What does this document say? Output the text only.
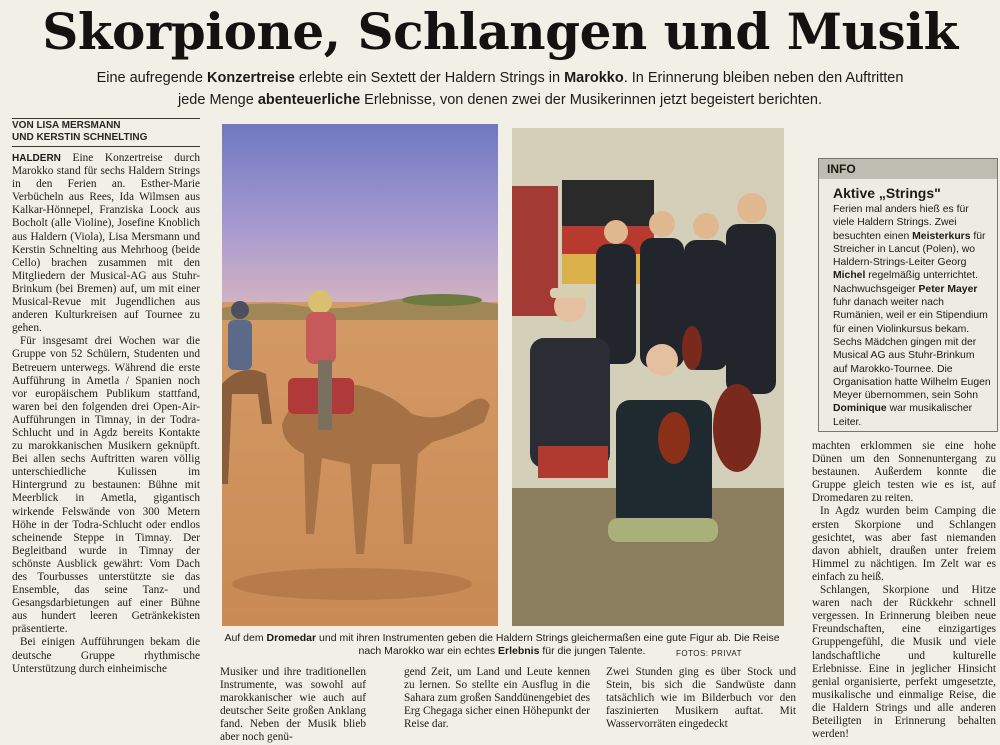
Skorpione, Schlangen und Musik
Eine aufregende Konzertreise erlebte ein Sextett der Haldern Strings in Marokko. In Erinnerung bleiben neben den Auftritten
jede Menge abenteuerliche Erlebnisse, von denen zwei der Musikerinnen jetzt begeistert berichten.
VON LISA MERSMANN
UND KERSTIN SCHNELTING

HALDERN Eine Konzertreise durch Marokko stand für sechs Haldern Strings in den Ferien an. Esther-Marie Verbücheln aus Rees, Ida Wilmsen aus Kalkar-Hönnepel, Franziska Loock aus Bocholt (alle Violine), Josefine Knoblich aus Haldern (Viola), Lisa Mersmann und Kerstin Schnelting aus Mehrhoog (beide Cello) brachen zusammen mit den Mitgliedern der Musical-AG aus Stuhr-Brinkum (bei Bremen) auf, um mit einer Musical-Revue mit Jugendlichen aus anderen Kulturkreisen auf Tournee zu gehen.

Für insgesamt drei Wochen war die Gruppe von 52 Schülern, Studenten und Betreuern unterwegs. Während die erste Aufführung in Ametla / Spanien noch vor europäischem Publikum stattfand, waren bei den folgenden drei Open-Air-Aufführungen in Timnay, in der Todra-Schlucht und in Agdz bereits Kontakte zu marokkanischen Musikern geknüpft. Bei allen sechs Auftritten waren völlig unterschiedliche Kulissen im Hintergrund zu bestaunen: Bühne mit Meerblick in Ametla, gigantisch wirkende Felswände von 300 Metern Höhe in der Todra-Schlucht oder endlos scheinende Steppe in Timnay. Der Begleitband wurde in Timnay der schönste Ausblick gewährt: Vom Dach des Tourbusses unterstützte sie das Ensemble, das seine Tanz- und Gesangsdarbietungen auf einer Bühne aus hundert leeren Getränkekisten präsentierte.

Bei einigen Aufführungen bekam die deutsche Gruppe rhythmische Unterstützung durch einheimische

Auf dem Dromedar und mit ihren Instrumenten geben die Haldern Strings gleichermaßen eine gute Figur ab. Die Reise
nach Marokko war ein echtes Erlebnis für die jungen Talente.	FOTOS: PRIVAT

Musiker und ihre traditionellen Instrumente, was sowohl auf marokkanischer wie auch auf deutscher Seite großen Anklang fand. Neben der Musik blieb aber noch genü-

gend Zeit, um Land und Leute kennen zu lernen. So stellte ein Ausflug in die Sahara zum großen Sanddünengebiet des Erg Chegaga sicher einen Höhepunkt der Reise dar.

Zwei Stunden ging es über Stock und Stein, bis sich die Sandwüste dann tatsächlich wie im Bilderbuch vor den faszinierten Musikern auftat. Mit Wasservorräten eingedeckt

INFO
Aktive „Strings"

Ferien mal anders hieß es für viele Haldern Strings. Zwei besuchten einen Meisterkurs für Streicher in Lancut (Polen), wo Haldern-Strings-Leiter Georg Michel regelmäßig unterrichtet.

Nachwuchsgeiger Peter Mayer fuhr danach weiter nach Rumänien, weil er ein Stipendium für einen Violinkursus bekam.

Sechs Mädchen gingen mit der Musical AG aus Stuhr-Brinkum auf Marokko-Tournee. Die Organisation hatte Wilhelm Eugen Meyer übernommen, sein Sohn Dominique war musikalischer Leiter.

machten erklommen sie eine hohe Dünen um den Sonnenuntergang zu bestaunen. Außerdem konnte die Gruppe gleich testen wie es ist, auf Dromedaren zu reiten.

In Agdz wurden beim Camping die ersten Skorpione und Schlangen gesichtet, was aber fast niemanden davon abhielt, draußen unter freiem Himmel zu nächtigen. Im Zelt war es einfach zu heiß.

Schlangen, Skorpione und Hitze waren nach der Rückkehr schnell vergessen. In Erinnerung bleiben neue Freundschaften, eine einzigartiges Gruppengefühl, die Musik und viele landschaftliche und kulturelle Erlebnisse. Eine in jeglicher Hinsicht genial organisierte, perfekt umgesetzte, musikalische und einmalige Reise, die die Haldern Strings und alle anderen Beteiligten in Erinnerung behalten werden!
